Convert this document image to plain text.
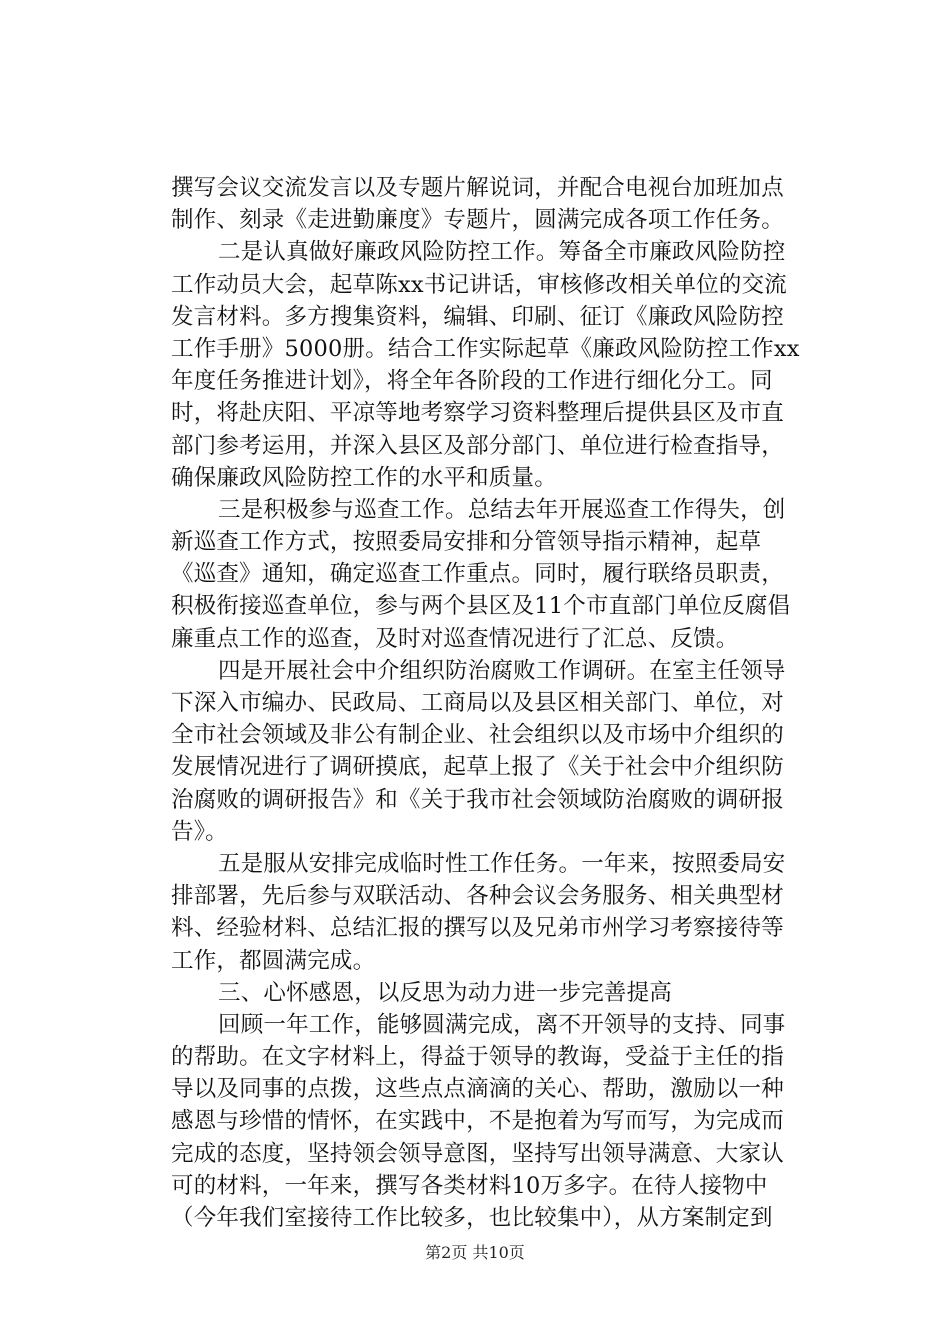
撰写会议交流发言以及专题片解说词，并配合电视台加班加点
制作、刻录《走进勤廉度》专题片，圆满完成各项工作任务。
二是认真做好廉政风险防控工作。筹备全市廉政风险防控
工作动员大会，起草陈xx书记讲话，审核修改相关单位的交流
发言材料。多方搜集资料，编辑、印刷、征订《廉政风险防控
工作手册》5000册。结合工作实际起草《廉政风险防控工作xx
年度任务推进计划》，将全年各阶段的工作进行细化分工。同
时，将赴庆阳、平凉等地考察学习资料整理后提供县区及市直
部门参考运用，并深入县区及部分部门、单位进行检查指导，
确保廉政风险防控工作的水平和质量。
三是积极参与巡查工作。总结去年开展巡查工作得失，创
新巡查工作方式，按照委局安排和分管领导指示精神，起草
《巡查》通知，确定巡查工作重点。同时，履行联络员职责，
积极衔接巡查单位，参与两个县区及11个市直部门单位反腐倡
廉重点工作的巡查，及时对巡查情况进行了汇总、反馈。
四是开展社会中介组织防治腐败工作调研。在室主任领导
下深入市编办、民政局、工商局以及县区相关部门、单位，对
全市社会领域及非公有制企业、社会组织以及市场中介组织的
发展情况进行了调研摸底，起草上报了《关于社会中介组织防
治腐败的调研报告》和《关于我市社会领域防治腐败的调研报
告》。
五是服从安排完成临时性工作任务。一年来，按照委局安
排部署，先后参与双联活动、各种会议会务服务、相关典型材
料、经验材料、总结汇报的撰写以及兄弟市州学习考察接待等
工作，都圆满完成。
三、心怀感恩，以反思为动力进一步完善提高
回顾一年工作，能够圆满完成，离不开领导的支持、同事
的帮助。在文字材料上，得益于领导的教诲，受益于主任的指
导以及同事的点拨，这些点点滴滴的关心、帮助，激励以一种
感恩与珍惜的情怀，在实践中，不是抱着为写而写，为完成而
完成的态度，坚持领会领导意图，坚持写出领导满意、大家认
可的材料，一年来，撰写各类材料10万多字。在待人接物中
（今年我们室接待工作比较多，也比较集中），从方案制定到
第2页 共10页
